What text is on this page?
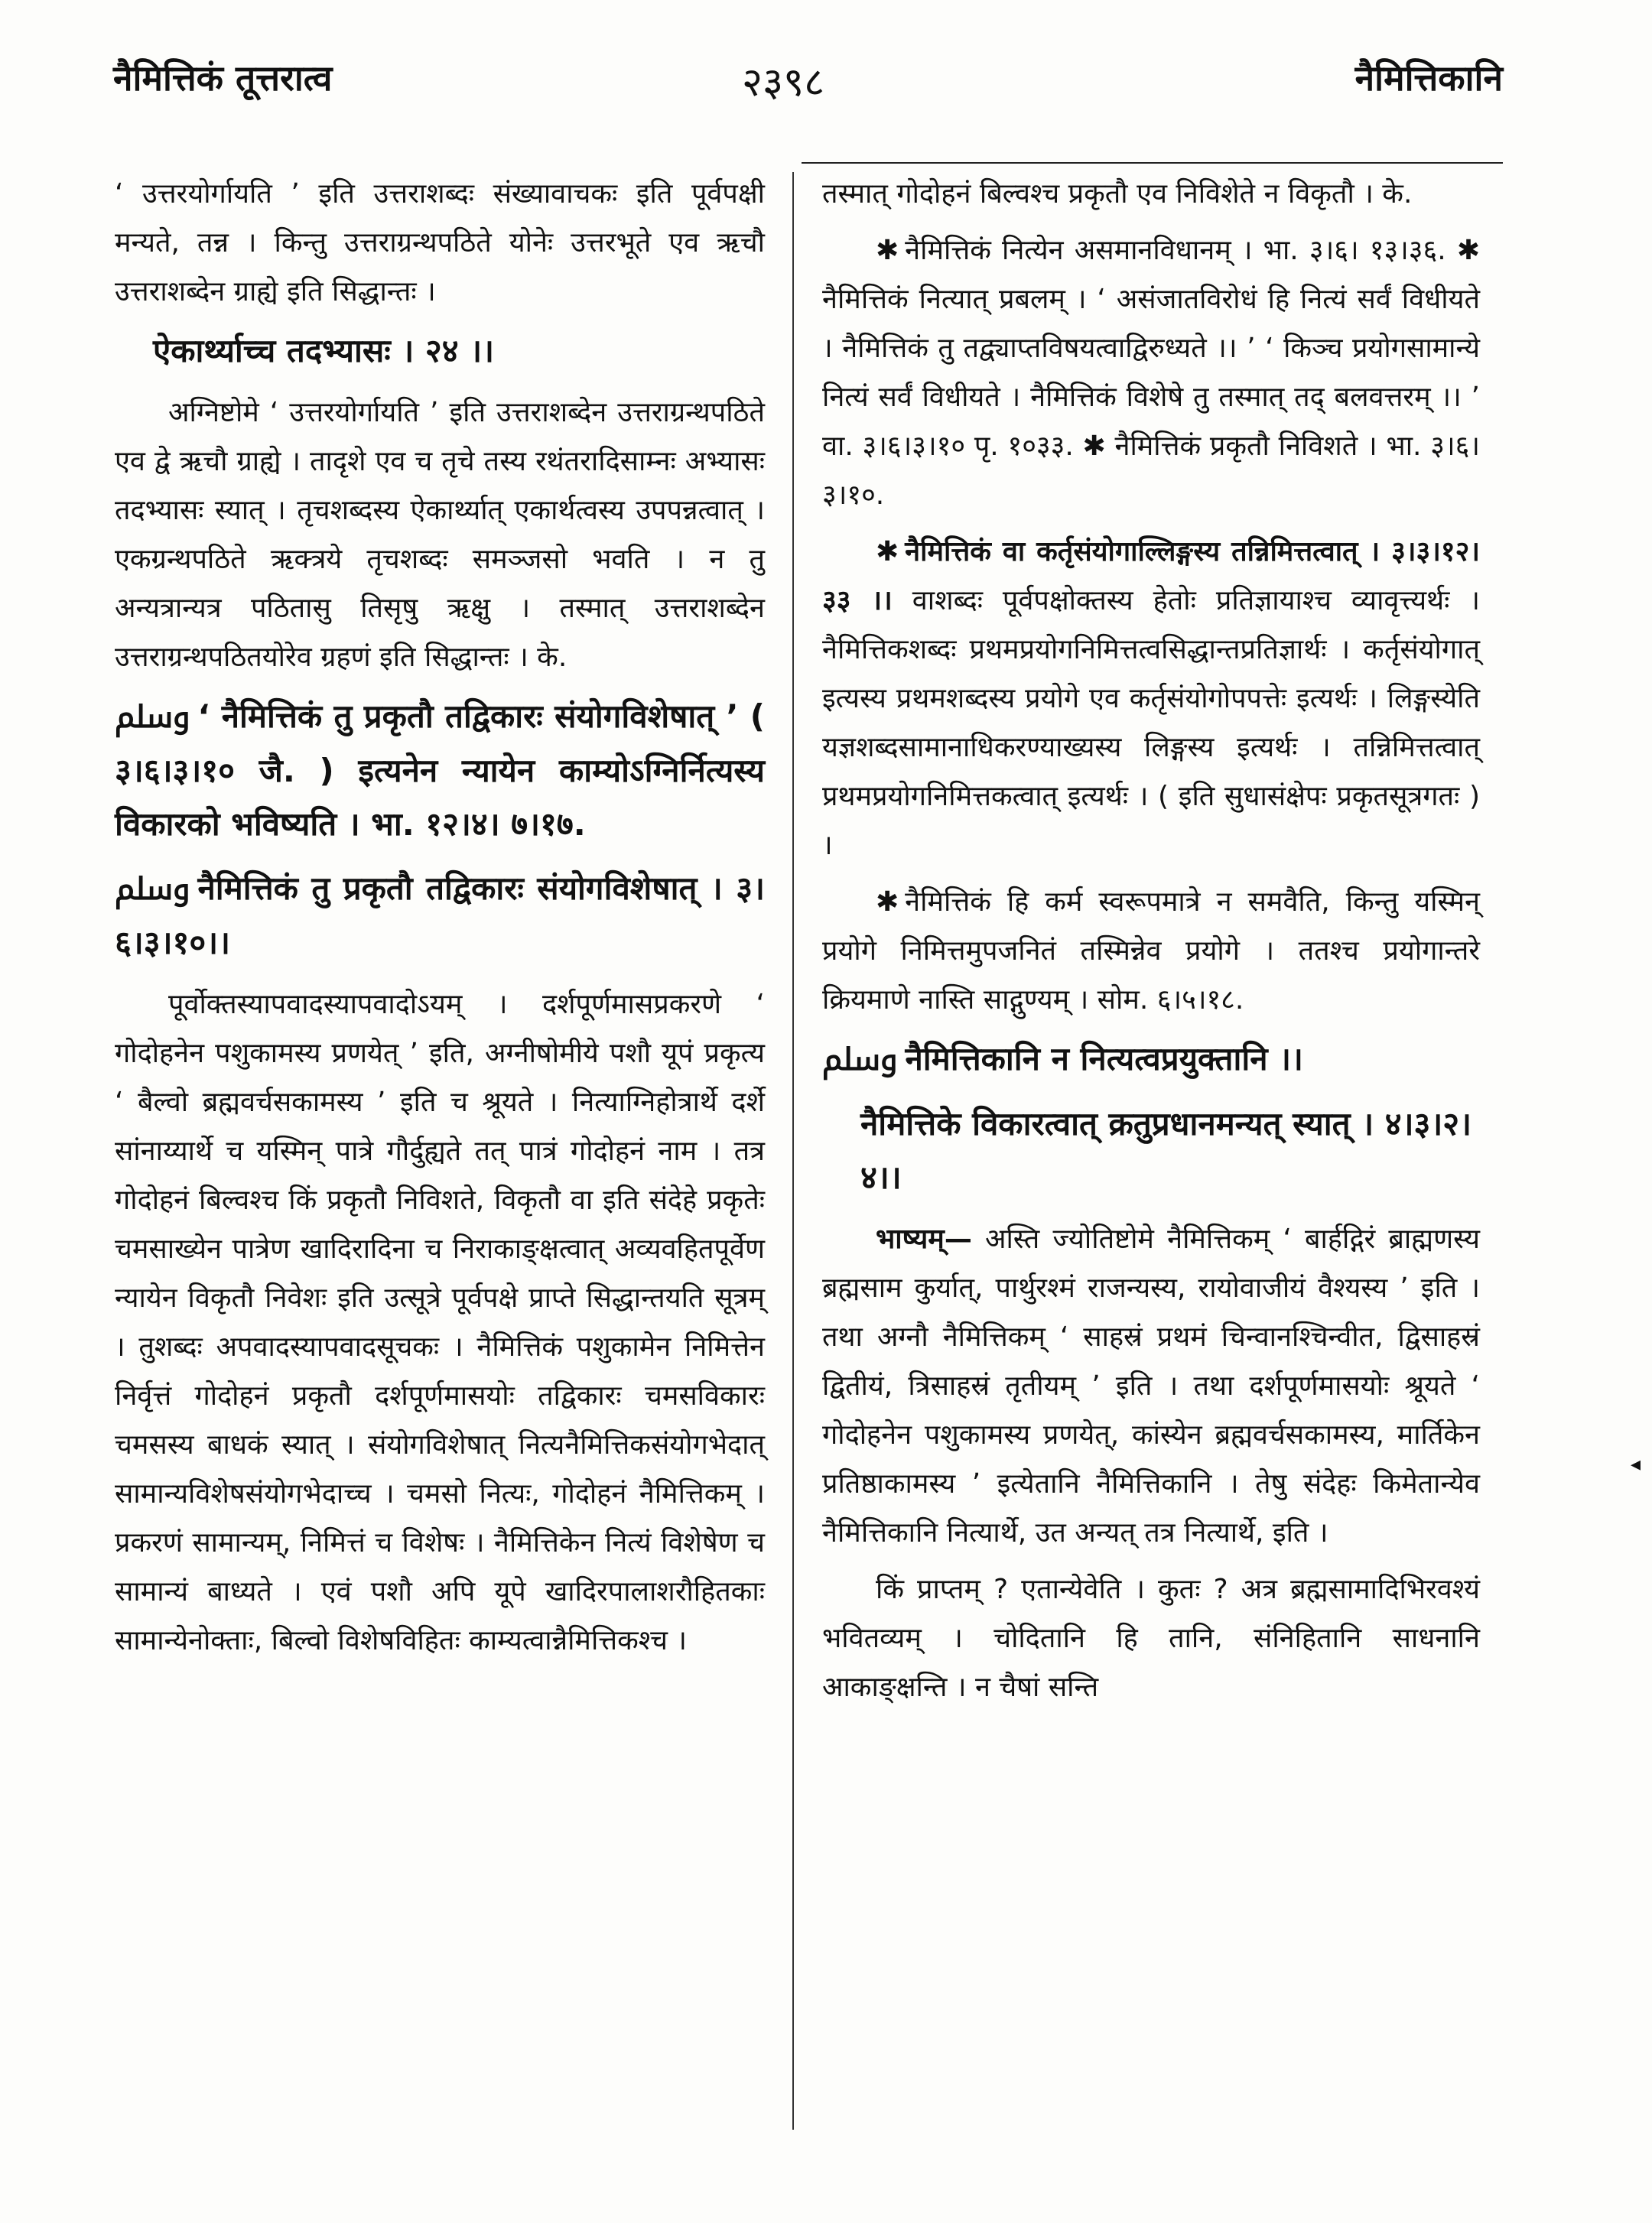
नैमित्तिकं तूत्तरात्व	२३९८	नैमित्तिकानि

‘ उत्तरयोर्गायति ’ इति उत्तराशब्दः संख्यावाचकः इति पूर्वपक्षी मन्यते, तन्न । किन्तु उत्तराग्रन्थपठिते योनेः उत्तरभूते एव ऋचौ उत्तराशब्देन ग्राह्ये इति सिद्धान्तः ।

ऐकार्थ्याच्च तदभ्यासः । २४ ।।

अग्निष्टोमे ‘ उत्तरयोर्गायति ’ इति उत्तराशब्देन उत्तराग्रन्थपठिते एव द्वे ऋचौ ग्राह्ये । तादृशे एव च तृचे तस्य रथंतरादिसाम्नः अभ्यासः तदभ्यासः स्यात् । तृचशब्दस्य ऐकार्थ्यात् एकार्थत्वस्य उपपन्नत्वात् । एकग्रन्थपठिते ऋक्त्रये तृचशब्दः समञ्जसो भवति । न तु अन्यत्रान्यत्र पठितासु तिसृषु ऋक्षु । तस्मात् उत्तराशब्देन उत्तराग्रन्थपठितयोरेव ग्रहणं इति सिद्धान्तः । के.

ﷸ ‘ नैमित्तिकं तु प्रकृतौ तद्विकारः संयोगविशेषात् ’ ( ३।६।३।१० जै. ) इत्यनेन न्यायेन काम्योऽग्निर्नित्यस्य विकारको भविष्यति । भा. १२।४। ७।१७.

ﷸ नैमित्तिकं तु प्रकृतौ तद्विकारः संयोगविशेषात् । ३।६।३।१०।।

पूर्वोक्तस्यापवादस्यापवादोऽयम् । दर्शपूर्णमासप्रकरणे ‘ गोदोहनेन पशुकामस्य प्रणयेत् ’ इति, अग्नीषोमीये पशौ यूपं प्रकृत्य ‘ बैल्वो ब्रह्मवर्चसकामस्य ’ इति च श्रूयते । नित्याग्निहोत्रार्थे दर्शे सांनाय्यार्थे च यस्मिन् पात्रे गौर्दुह्यते तत् पात्रं गोदोहनं नाम । तत्र गोदोहनं बिल्वश्च किं प्रकृतौ निविशते, विकृतौ वा इति संदेहे प्रकृतेः चमसाख्येन पात्रेण खादिरादिना च निराकाङ्क्षत्वात् अव्यवहितपूर्वेण न्यायेन विकृतौ निवेशः इति उत्सूत्रे पूर्वपक्षे प्राप्ते सिद्धान्तयति सूत्रम् । तुशब्दः अपवादस्यापवादसूचकः । नैमित्तिकं पशुकामेन निमित्तेन निर्वृत्तं गोदोहनं प्रकृतौ दर्शपूर्णमासयोः तद्विकारः चमसविकारः चमसस्य बाधकं स्यात् । संयोगविशेषात् नित्यनैमित्तिकसंयोगभेदात् सामान्यविशेषसंयोगभेदाच्च । चमसो नित्यः, गोदोहनं नैमित्तिकम् । प्रकरणं सामान्यम्, निमित्तं च विशेषः । नैमित्तिकेन नित्यं विशेषेण च सामान्यं बाध्यते । एवं पशौ अपि यूपे खादिरपालाशरौहितकाः सामान्येनोक्ताः, बिल्वो विशेषविहितः काम्यत्वान्नैमित्तिकश्च ।

तस्मात् गोदोहनं बिल्वश्च प्रकृतौ एव निविशेते न विकृतौ । के.

✱ नैमित्तिकं नित्येन असमानविधानम् । भा. ३।६। १३।३६. ✱ नैमित्तिकं नित्यात् प्रबलम् । ‘ असंजातविरोधं हि नित्यं सर्वं विधीयते । नैमित्तिकं तु तद्व्याप्तविषयत्वाद्विरुध्यते ।। ’ ‘ किञ्च प्रयोगसामान्ये नित्यं सर्वं विधीयते । नैमित्तिकं विशेषे तु तस्मात् तद् बलवत्तरम् ।। ’ वा. ३।६।३।१० पृ. १०३३. ✱ नैमित्तिकं प्रकृतौ निविशते । भा. ३।६।३।१०.

✱ नैमित्तिकं वा कर्तृसंयोगाल्लिङ्गस्य तन्निमित्तत्वात् । ३।३।१२।३३ ।। वाशब्दः पूर्वपक्षोक्तस्य हेतोः प्रतिज्ञायाश्च व्यावृत्त्यर्थः । नैमित्तिकशब्दः प्रथमप्रयोगनिमित्तत्वसिद्धान्तप्रतिज्ञार्थः । कर्तृसंयोगात् इत्यस्य प्रथमशब्दस्य प्रयोगे एव कर्तृसंयोगोपपत्तेः इत्यर्थः । लिङ्गस्येति यज्ञशब्दसामानाधिकरण्याख्यस्य लिङ्गस्य इत्यर्थः । तन्निमित्तत्वात् प्रथमप्रयोगनिमित्तकत्वात् इत्यर्थः । ( इति सुधासंक्षेपः प्रकृतसूत्रगतः ) ।

✱ नैमित्तिकं हि कर्म स्वरूपमात्रे न समवैति, किन्तु यस्मिन् प्रयोगे निमित्तमुपजनितं तस्मिन्नेव प्रयोगे । ततश्च प्रयोगान्तरे क्रियमाणे नास्ति साद्गुण्यम् । सोम. ६।५।१८.

ﷸ नैमित्तिकानि न नित्यत्वप्रयुक्तानि ।।
नैमित्तिके विकारत्वात् क्रतुप्रधानमन्यत् स्यात् । ४।३।२।४।।

भाष्यम्— अस्ति ज्योतिष्टोमे नैमित्तिकम् ‘ बार्हद्गिरं ब्राह्मणस्य ब्रह्मसाम कुर्यात्, पार्थुरश्मं राजन्यस्य, रायोवाजीयं वैश्यस्य ’ इति । तथा अग्नौ नैमित्तिकम् ‘ साहस्रं प्रथमं चिन्वानश्चिन्वीत, द्विसाहस्रं द्वितीयं, त्रिसाहस्रं तृतीयम् ’ इति । तथा दर्शपूर्णमासयोः श्रूयते ‘ गोदोहनेन पशुकामस्य प्रणयेत्, कांस्येन ब्रह्मवर्चसकामस्य, मार्तिकेन प्रतिष्ठाकामस्य ’ इत्येतानि नैमित्तिकानि । तेषु संदेहः किमेतान्येव नैमित्तिकानि नित्यार्थे, उत अन्यत् तत्र नित्यार्थे, इति ।

किं प्राप्तम् ? एतान्येवेति । कुतः ? अत्र ब्रह्मसामादिभिरवश्यं भवितव्यम् । चोदितानि हि तानि, संनिहितानि साधनानि आकाङ्क्षन्ति । न चैषां सन्ति

◂
